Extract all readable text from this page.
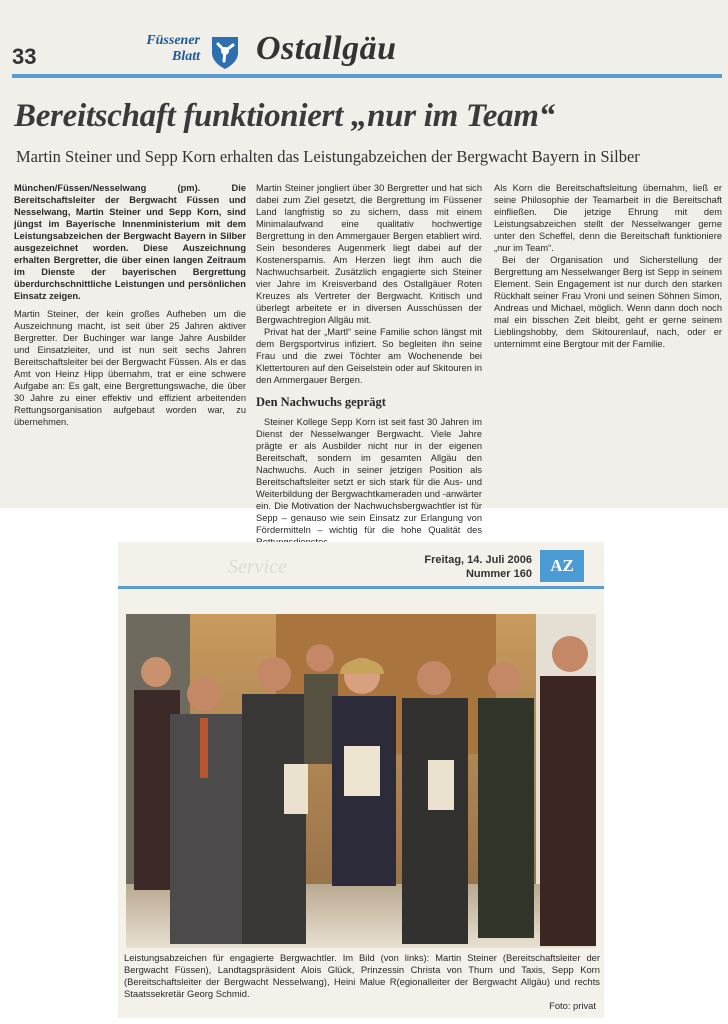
33
Füssener
Blatt Ostallgäu
Bereitschaft funktioniert „nur im Team“
Martin Steiner und Sepp Korn erhalten das Leistungabzeichen der Bergwacht Bayern in Silber

München/Füssen/Nesselwang (pm). Die Bereitschaftsleiter der Bergwacht Füssen und Nesselwang, Martin Steiner und Sepp Korn, sind jüngst im Bayerische Innenministerium mit dem Leistungsabzeichen der Bergwacht Bayern in Silber ausgezeichnet worden. Diese Auszeichnung erhalten Bergretter, die über einen langen Zeitraum im Dienste der bayerischen Bergrettung überdurchschnittliche Leistungen und persönlichen Einsatz zeigen.

Martin Steiner, der kein großes Aufheben um die Auszeichnung macht, ist seit über 25 Jahren aktiver Bergretter. Der Buchinger war lange Jahre Ausbilder und Einsatzleiter, und ist nun seit sechs Jahren Bereitschaftsleiter bei der Bergwacht Füssen. Als er das Amt von Heinz Hipp übernahm, trat er eine schwere Aufgabe an: Es galt, eine Bergrettungswache, die über 30 Jahre zu einer effektiv und effizient arbeitenden Rettungsorganisation aufgebaut worden war, zu übernehmen.

Martin Steiner jongliert über 30 Bergretter und hat sich dabei zum Ziel gesetzt, die Bergrettung im Füssener Land langfristig so zu sichern, dass mit einem Minimalaufwand eine qualitativ hochwertige Bergrettung in den Ammergauer Bergen etabliert wird. Sein besonderes Augenmerk liegt dabei auf der Kostenersparnis. Am Herzen liegt ihm auch die Nachwuchsarbeit. Zusätzlich engagierte sich Steiner vier Jahre im Kreisverband des Ostallgäuer Roten Kreuzes als Vertreter der Bergwacht. Kritisch und überlegt arbeitete er in diversen Ausschüssen der Bergwachtregion Allgäu mit.

Privat hat der „Martl“ seine Familie schon längst mit dem Bergsportvirus infiziert. So begleiten ihn seine Frau und die zwei Töchter am Wochenende bei Klettertouren auf den Geiselstein oder auf Skitouren in den Ammergauer Bergen.

Den Nachwuchs geprägt

Steiner Kollege Sepp Korn ist seit fast 30 Jahren im Dienst der Nesselwanger Bergwacht. Viele Jahre prägte er als Ausbilder nicht nur in der eigenen Bereitschaft, sondern im gesamten Allgäu den Nachwuchs. Auch in seiner jetzigen Position als Bereitschaftsleiter setzt er sich stark für die Aus- und Weiterbildung der Bergwachtkameraden und -anwärter ein. Die Motivation der Nachwuchsbergwachtler ist für Sepp – genauso wie sein Einsatz zur Erlangung von Fördermitteln – wichtig für die hohe Qualität des

Als Korn die Bereitschaftsleitung übernahm, ließ er seine Philosophie der Teamarbeit in die Bereitschaft einfließen. Die jetzige Ehrung mit dem Leistungsabzeichen stellt der Nesselwanger gerne unter den Scheffel, denn die Bereitschaft funktioniere „nur im Team“.

Bei der Organisation und Sicherstellung der Bergrettung am Nesselwanger Berg ist Sepp in seinem Element. Sein Engagement ist nur durch den starken Rückhalt seiner Frau Vroni und seinen Söhnen Simon, Andreas und Michael, möglich. Wenn dann doch noch mal ein bisschen Zeit bleibt, geht er gerne seinem Lieblingshobby, dem Skitourenlauf, nach, oder er unternimmt eine Bergtour mit der Familie.

Service	Freitag, 14. Juli 2006
Nummer 160	AZ
Leistungsabzeichen für engagierte Bergwachtler. Im Bild (von links): Martin Steiner (Bereitschaftsleiter der Bergwacht Füssen), Landtagspräsident Alois Glück, Prinzessin Christa von Thurn und Taxis, Sepp Korn (Bereitschaftsleiter der Bergwacht Nesselwang), Heini Malue R(egionalleiter der Bergwacht Allgäu) und rechts Staatssekretär Georg Schmid.
Foto: privat
